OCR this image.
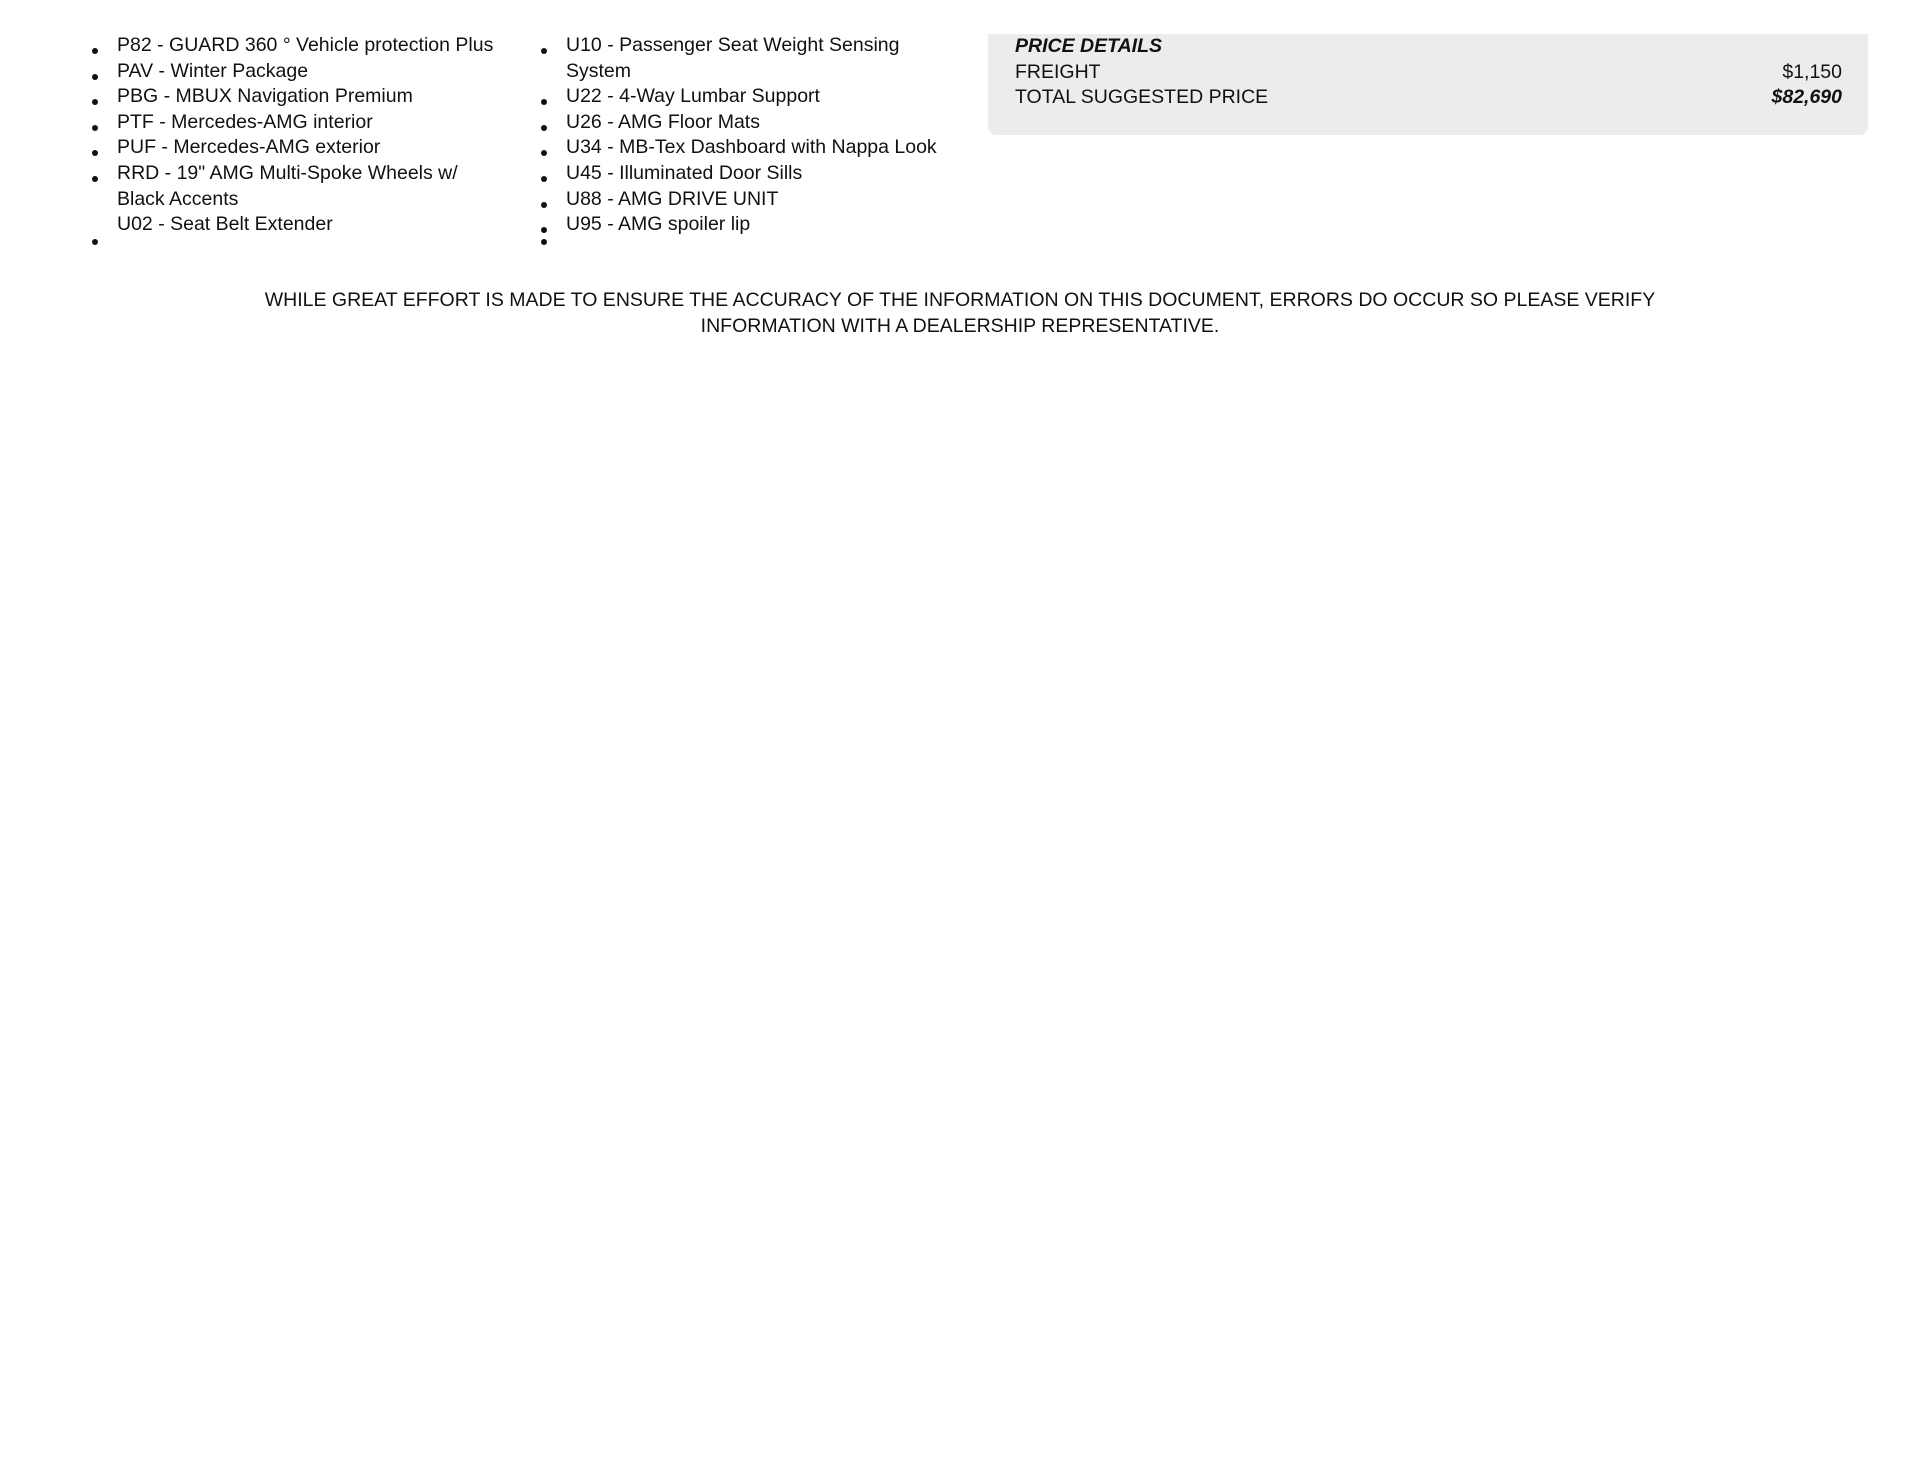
P82 - GUARD 360 ° Vehicle protection Plus
PAV - Winter Package
PBG - MBUX Navigation Premium
PTF - Mercedes-AMG interior
PUF - Mercedes-AMG exterior
RRD - 19" AMG Multi-Spoke Wheels w/ Black Accents
U02 - Seat Belt Extender
U10 - Passenger Seat Weight Sensing System
U22 - 4-Way Lumbar Support
U26 - AMG Floor Mats
U34 - MB-Tex Dashboard with Nappa Look
U45 - Illuminated Door Sills
U88 - AMG DRIVE UNIT
U95 - AMG spoiler lip
PRICE DETAILS
FREIGHT	$1,150
TOTAL SUGGESTED PRICE	$82,690
WHILE GREAT EFFORT IS MADE TO ENSURE THE ACCURACY OF THE INFORMATION ON THIS DOCUMENT, ERRORS DO OCCUR SO PLEASE VERIFY
INFORMATION WITH A DEALERSHIP REPRESENTATIVE.
